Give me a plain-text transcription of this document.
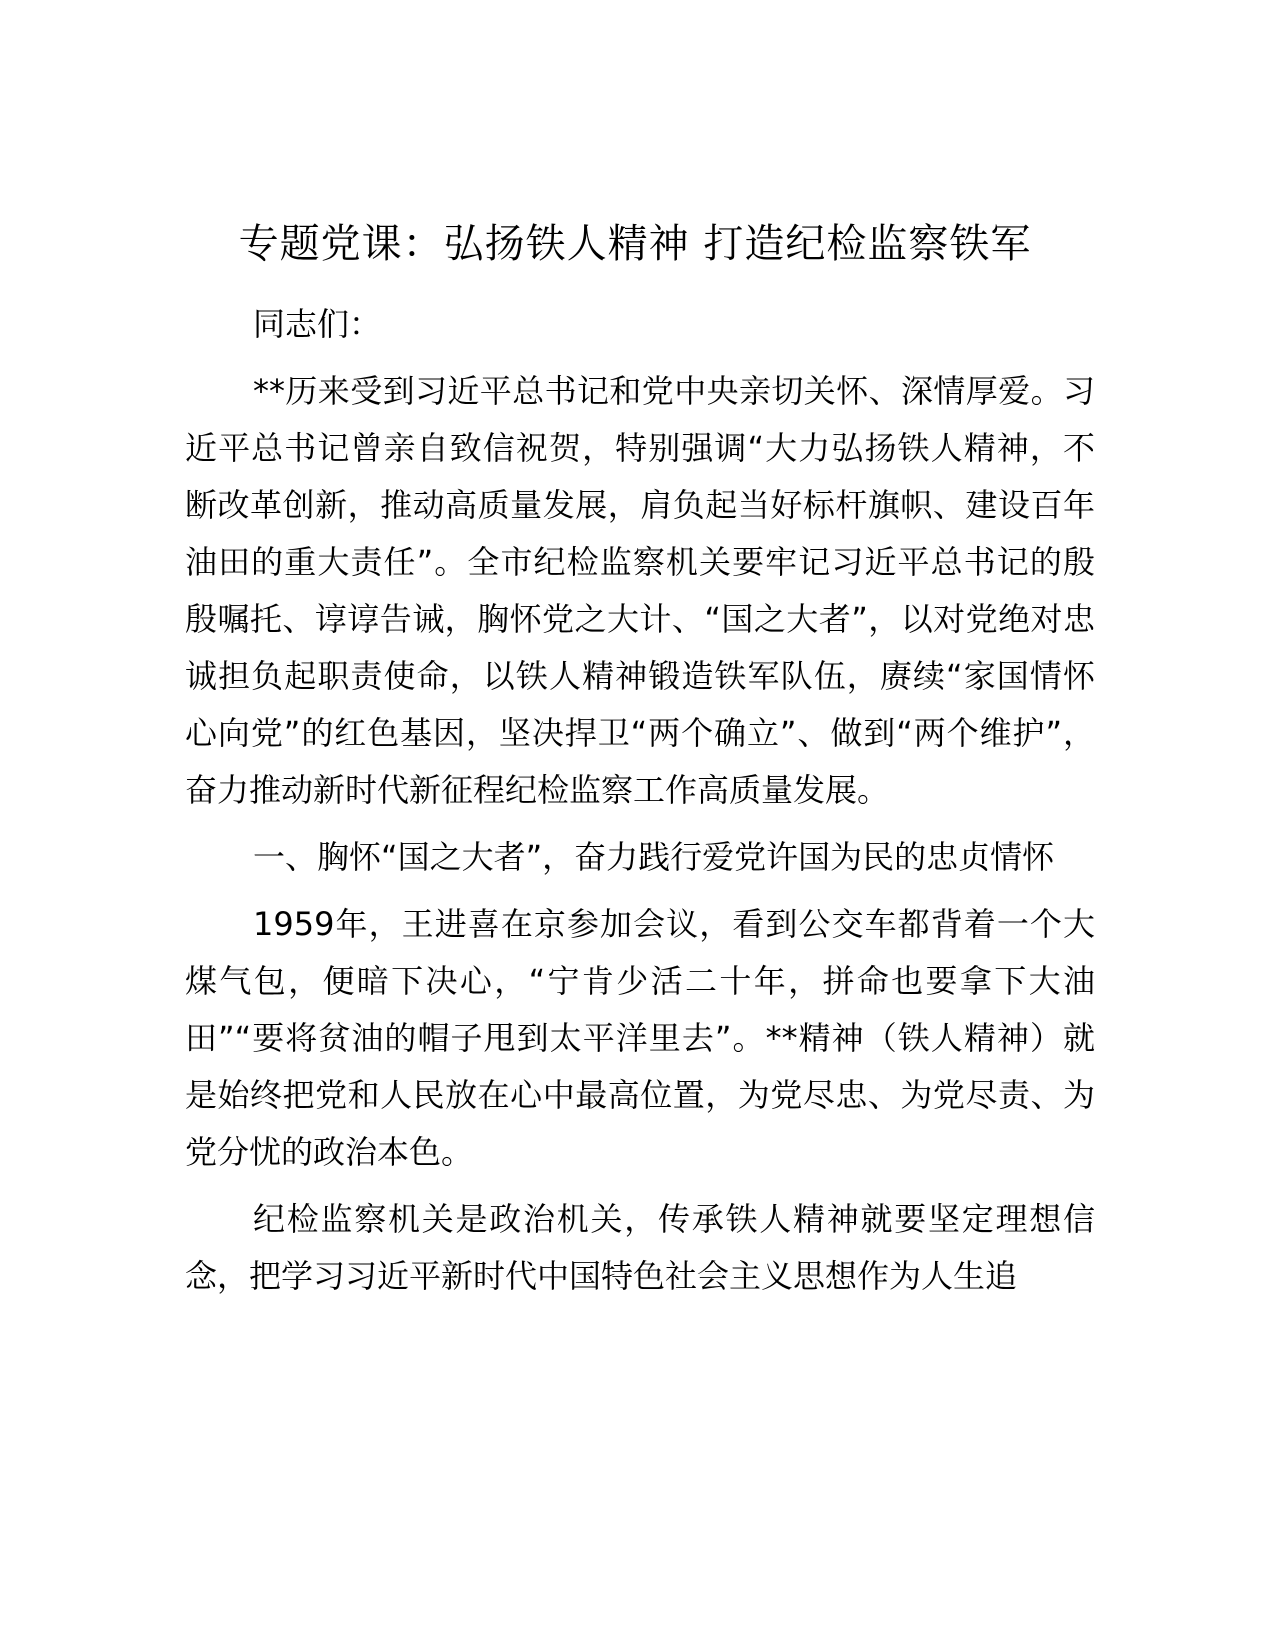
专题党课：弘扬铁人精神 打造纪检监察铁军

同志们：

**历来受到习近平总书记和党中央亲切关怀、深情厚爱。习近平总书记曾亲自致信祝贺，特别强调“大力弘扬铁人精神，不断改革创新，推动高质量发展，肩负起当好标杆旗帜、建设百年油田的重大责任”。全市纪检监察机关要牢记习近平总书记的殷殷嘱托、谆谆告诫，胸怀党之大计、“国之大者”，以对党绝对忠诚担负起职责使命，以铁人精神锻造铁军队伍，赓续“家国情怀心向党”的红色基因，坚决捍卫“两个确立”、做到“两个维护”，奋力推动新时代新征程纪检监察工作高质量发展。

一、胸怀“国之大者”，奋力践行爱党许国为民的忠贞情怀

1959年，王进喜在京参加会议，看到公交车都背着一个大煤气包，便暗下决心，“宁肯少活二十年，拼命也要拿下大油田”“要将贫油的帽子甩到太平洋里去”。**精神（铁人精神）就是始终把党和人民放在心中最高位置，为党尽忠、为党尽责、为党分忧的政治本色。

纪检监察机关是政治机关，传承铁人精神就要坚定理想信念，把学习习近平新时代中国特色社会主义思想作为人生追
